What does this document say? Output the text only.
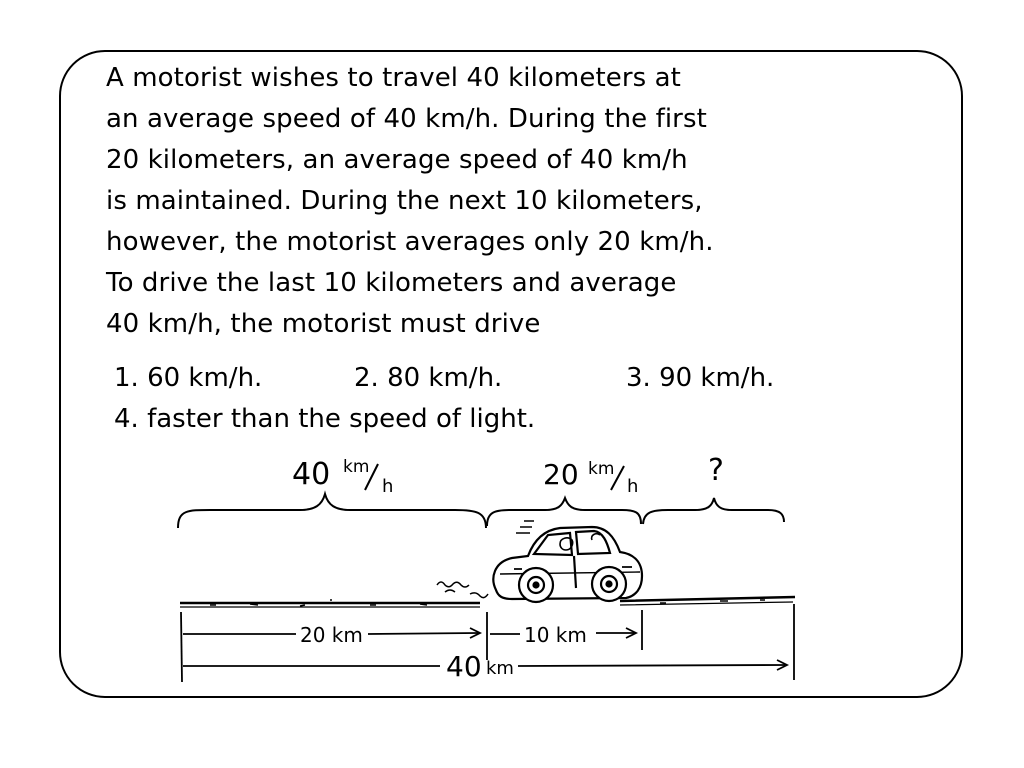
A motorist wishes to travel 40 kilometers at
an average speed of 40 km/h. During the first
20 kilometers, an average speed of 40 km/h
is maintained. During the next 10 kilometers,
however, the motorist averages only 20 km/h.
To drive the last 10 kilometers and average
40 km/h, the motorist must drive
1. 60 km/h.	2. 80 km/h.	3. 90 km/h.
4. faster than the speed of light.
40 km
h	20 km
h ?
20 km	10 km
40 km
